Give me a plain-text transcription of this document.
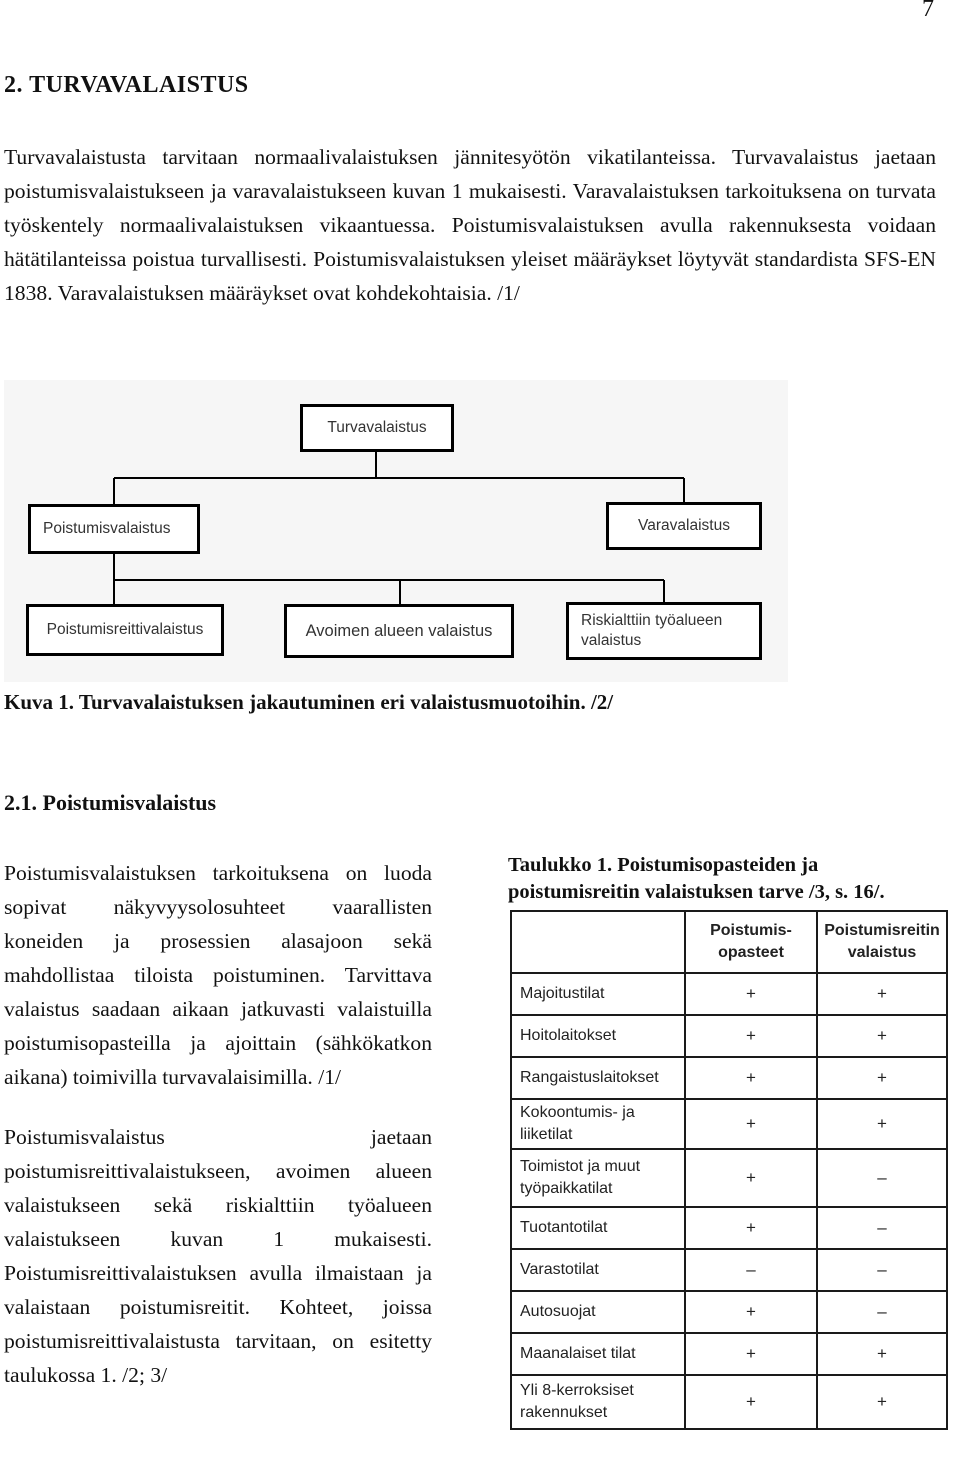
7
2. TURVAVALAISTUS

Turvavalaistusta tarvitaan normaalivalaistuksen jännitesyötön vikatilanteissa. Turvavalaistus jaetaan poistumisvalaistukseen ja varavalaistukseen kuvan 1 mukaisesti. Varavalaistuksen tarkoituksena on turvata työskentely normaalivalaistuksen vikaantuessa. Poistumisvalaistuksen avulla rakennuksesta voidaan hätätilanteissa poistua turvallisesti. Poistumisvalaistuksen yleiset määräykset löytyvät standardista SFS-EN 1838. Varavalaistuksen määräykset ovat kohdekohtaisia. /1/

Turvavalaistus
Poistumisvalaistus	Varavalaistus
Poistumisreittivalaistus	Avoimen alueen valaistus
Riskialttiin työalueen valaistus
Kuva 1. Turvavalaistuksen jakautuminen eri valaistusmuotoihin. /2/
2.1. Poistumisvalaistus

Poistumisvalaistuksen tarkoituksena on luoda sopivat näkyvyysolosuhteet vaarallisten koneiden ja prosessien alasajoon sekä mahdollistaa tiloista poistuminen. Tarvittava valaistus saadaan aikaan jatkuvasti valaistuilla poistumisopasteilla ja ajoittain (sähkökatkon aikana) toimivilla turvavalaisimilla. /1/

Poistumisvalaistus jaetaan poistumisreittivalaistukseen, avoimen alueen valaistukseen sekä riskialttiin työalueen valaistukseen kuvan 1 mukaisesti. Poistumisreittivalaistuksen avulla ilmaistaan ja valaistaan poistumisreitit. Kohteet, joissa poistumisreittivalaistusta tarvitaan, on esitetty taulukossa 1. /2; 3/

Taulukko 1. Poistumisopasteiden ja poistumisreitin valaistuksen tarve /3, s. 16/.
	Poistumis-opasteet	Poistumisreitin valaistus
Majoitustilat	+	+
Hoitolaitokset	+	+
Rangaistuslaitokset	+	+
Kokoontumis- ja liiketilat	+	+
Toimistot ja muut työpaikkatilat	+	–
Tuotantotilat	+	–
Varastotilat	–	–
Autosuojat	+	–
Maanalaiset tilat	+	+
Yli 8-kerroksiset rakennukset	+	+
